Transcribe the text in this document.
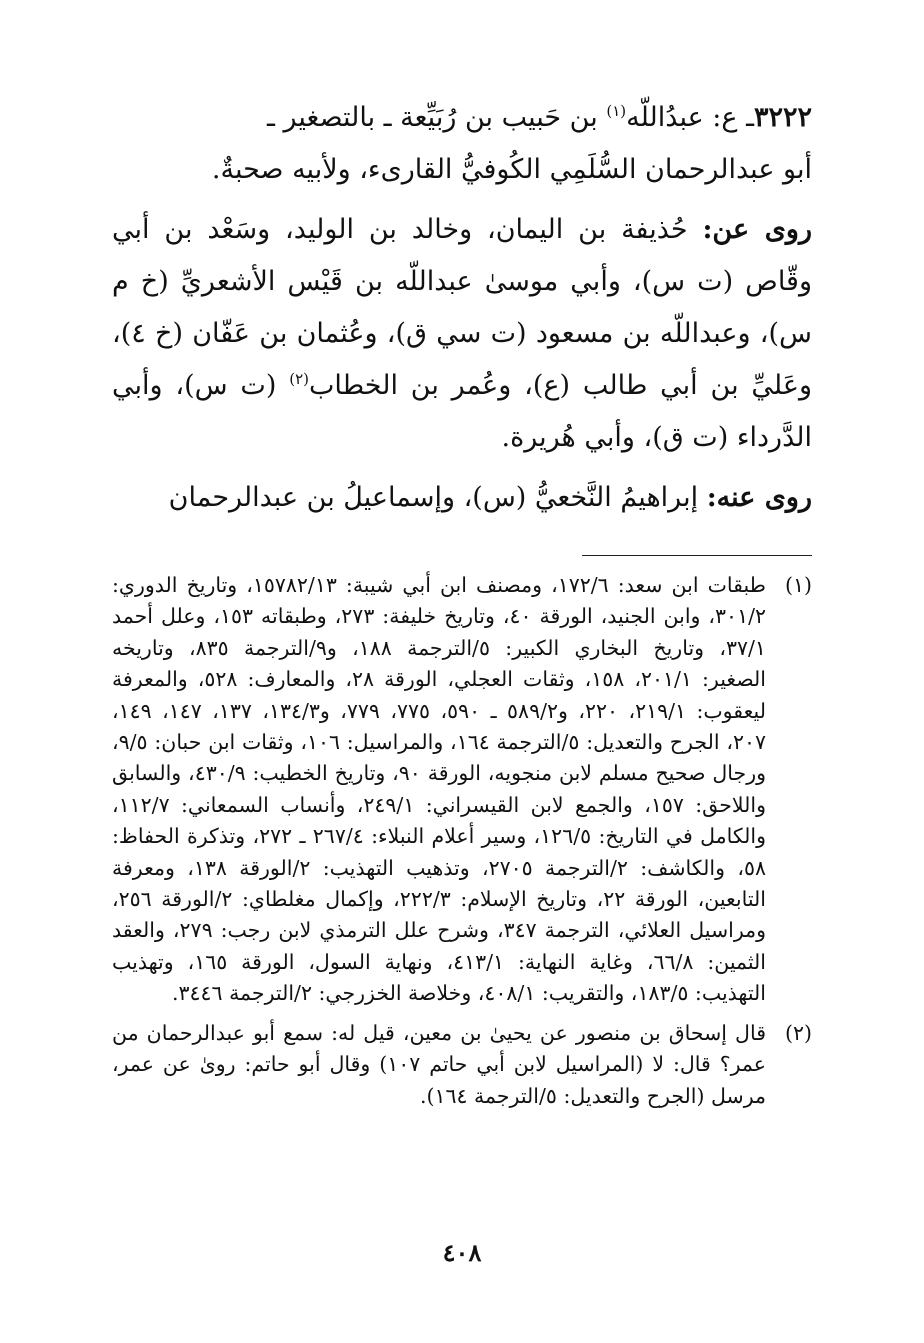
٣٢٢٢ـ ع: عبدُاللّه$^{(١)}$ بن حَبيب بن رُبَيِّعة ـ بالتصغير ـ
أبو عبدالرحمان السُّلَمِي الكُوفيُّ القارىء، ولأبيه صحبةٌ.

روى عن: حُذيفة بن اليمان، وخالد بن الوليد، وسَعْد بن أبي وقّاص (ت س)، وأبي موسىٰ عبداللّه بن قَيْس الأشعريِّ (خ م س)، وعبداللّه بن مسعود (ت سي ق)، وعُثمان بن عَفّان (خ ٤)، وعَليِّ بن أبي طالب (ع)، وعُمر بن الخطاب$^{(٢)}$ (ت س)، وأبي الدَّرداء (ت ق)، وأبي هُريرة.

روى عنه: إبراهيمُ النَّخعيُّ (س)، وإسماعيلُ بن عبدالرحمان

(١)
طبقات ابن سعد: ١٧٢/٦، ومصنف ابن أبي شيبة: ١٥٧٨٢/١٣، وتاريخ الدوري: ٣٠١/٢، وابن الجنيد، الورقة ٤٠، وتاريخ خليفة: ٢٧٣، وطبقاته ١٥٣، وعلل أحمد ٣٧/١، وتاريخ البخاري الكبير: ٥/الترجمة ١٨٨، و٩/الترجمة ٨٣٥، وتاريخه الصغير: ٢٠١/١، ١٥٨، وثقات العجلي، الورقة ٢٨، والمعارف: ٥٢٨، والمعرفة ليعقوب: ٢١٩/١، ٢٢٠، و٥٨٩/٢ ـ ٥٩٠، ٧٧٥، ٧٧٩، و١٣٤/٣، ١٣٧، ١٤٧، ١٤٩، ٢٠٧، الجرح والتعديل: ٥/الترجمة ١٦٤، والمراسيل: ١٠٦، وثقات ابن حبان: ٩/٥، ورجال صحيح مسلم لابن منجويه، الورقة ٩٠، وتاريخ الخطيب: ٤٣٠/٩، والسابق واللاحق: ١٥٧، والجمع لابن القيسراني: ٢٤٩/١، وأنساب السمعاني: ١١٢/٧، والكامل في التاريخ: ١٢٦/٥، وسير أعلام النبلاء: ٢٦٧/٤ ـ ٢٧٢، وتذكرة الحفاظ: ٥٨، والكاشف: ٢/الترجمة ٢٧٠٥، وتذهيب التهذيب: ٢/الورقة ١٣٨، ومعرفة التابعين، الورقة ٢٢، وتاريخ الإسلام: ٢٢٢/٣، وإكمال مغلطاي: ٢/الورقة ٢٥٦، ومراسيل العلائي، الترجمة ٣٤٧، وشرح علل الترمذي لابن رجب: ٢٧٩، والعقد الثمين: ٦٦/٨، وغاية النهاية: ٤١٣/١، ونهاية السول، الورقة ١٦٥، وتهذيب التهذيب: ١٨٣/٥، والتقريب: ٤٠٨/١، وخلاصة الخزرجي: ٢/الترجمة ٣٤٤٦.
(٢)
قال إسحاق بن منصور عن يحيىٰ بن معين، قيل له: سمع أبو عبدالرحمان من عمر؟ قال: لا (المراسيل لابن أبي حاتم ١٠٧) وقال أبو حاتم: رویٰ عن عمر، مرسل (الجرح والتعديل: ٥/الترجمة ١٦٤).
٤٠٨
